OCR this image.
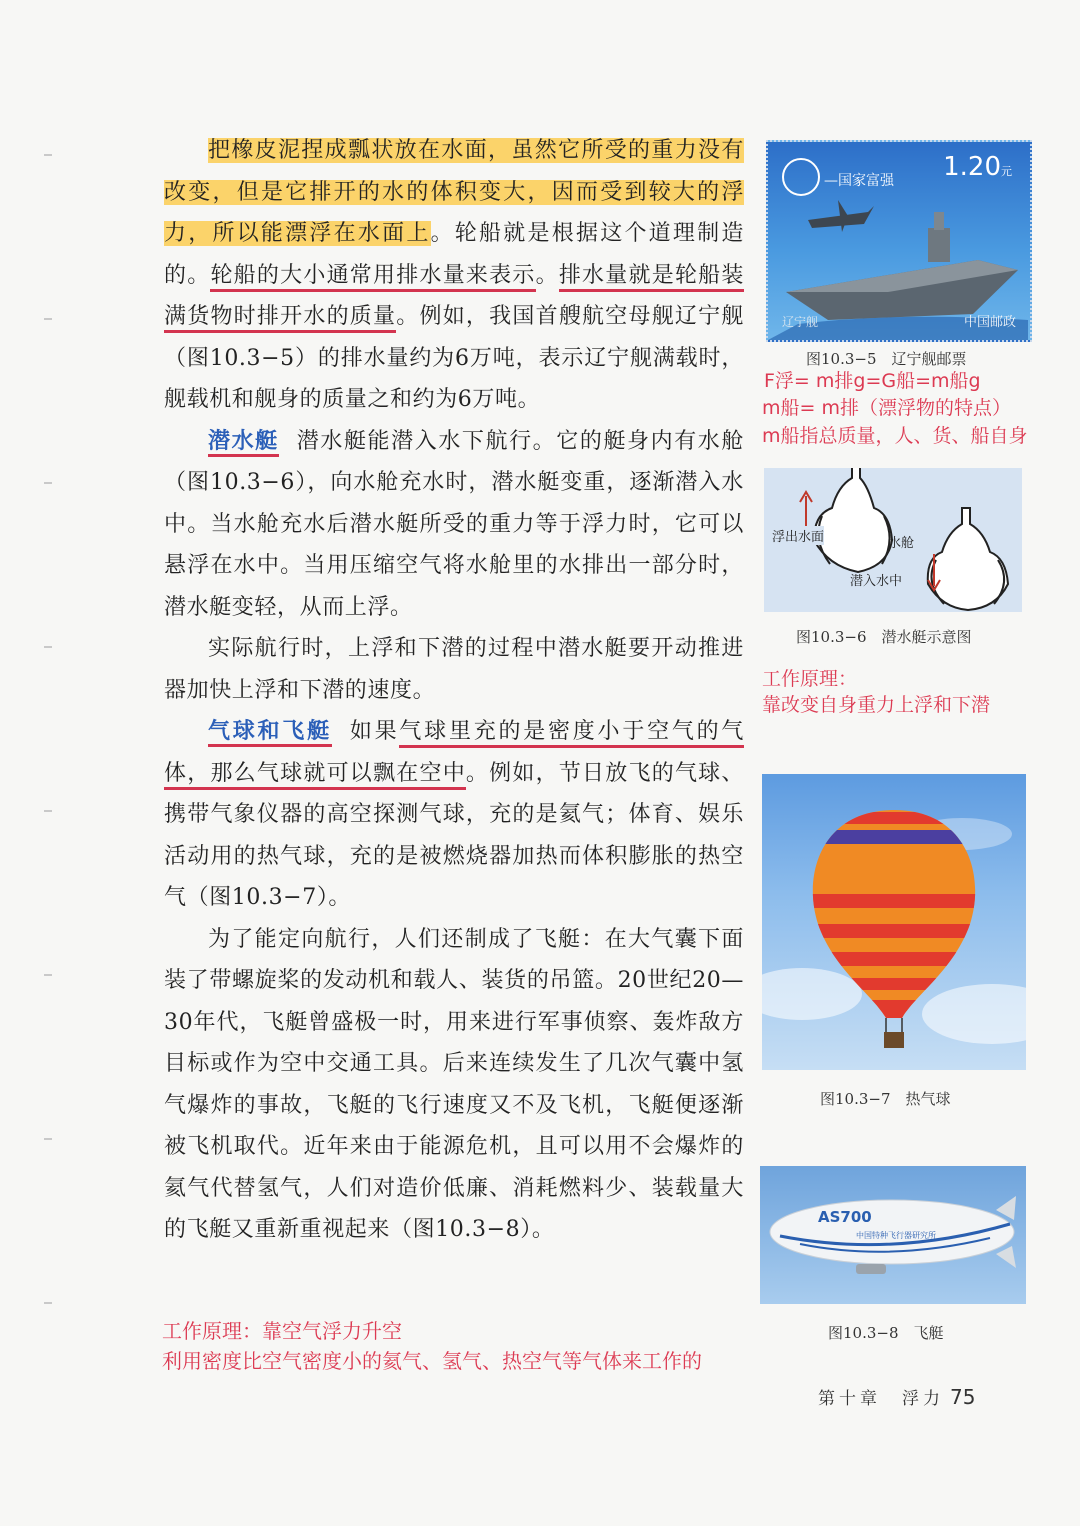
把橡皮泥捏成瓢状放在水面，虽然它所受的重力没有改变，但是它排开的水的体积变大，因而受到较大的浮力，所以能漂浮在水面上。轮船就是根据这个道理制造的。轮船的大小通常用排水量来表示。排水量就是轮船装满货物时排开水的质量。例如，我国首艘航空母舰辽宁舰（图10.3−5）的排水量约为6万吨，表示辽宁舰满载时，舰载机和舰身的质量之和约为6万吨。

潜水艇 潜水艇能潜入水下航行。它的艇身内有水舱（图10.3−6），向水舱充水时，潜水艇变重，逐渐潜入水中。当水舱充水后潜水艇所受的重力等于浮力时，它可以悬浮在水中。当用压缩空气将水舱里的水排出一部分时，潜水艇变轻，从而上浮。

实际航行时，上浮和下潜的过程中潜水艇要开动推进器加快上浮和下潜的速度。

气球和飞艇 如果气球里充的是密度小于空气的气体，那么气球就可以飘在空中。例如，节日放飞的气球、携带气象仪器的高空探测气球，充的是氦气；体育、娱乐活动用的热气球，充的是被燃烧器加热而体积膨胀的热空气（图10.3−7）。

为了能定向航行，人们还制成了飞艇：在大气囊下面装了带螺旋桨的发动机和载人、装货的吊篮。20世纪20—30年代，飞艇曾盛极一时，用来进行军事侦察、轰炸敌方目标或作为空中交通工具。后来连续发生了几次气囊中氢气爆炸的事故，飞艇的飞行速度又不及飞机，飞艇便逐渐被飞机取代。近年来由于能源危机，且可以用不会爆炸的氦气代替氢气，人们对造价低廉、消耗燃料少、装载量大的飞艇又重新重视起来（图10.3−8）。

—国家富强 1.20元
辽宁舰	中国邮政
图10.3−5　辽宁舰邮票
F浮= m排g=G船=m船g
m船= m排（漂浮物的特点）
m船指总质量，人、货、船自身
浮出水面	水舱
潜入水中
图10.3−6　潜水艇示意图
工作原理：
靠改变自身重力上浮和下潜
图10.3−7　热气球
AS700
中国特种飞行器研究所
图10.3−8　飞艇
工作原理：靠空气浮力升空
利用密度比空气密度小的氦气、氢气、热空气等气体来工作的
第十章　浮力 75
